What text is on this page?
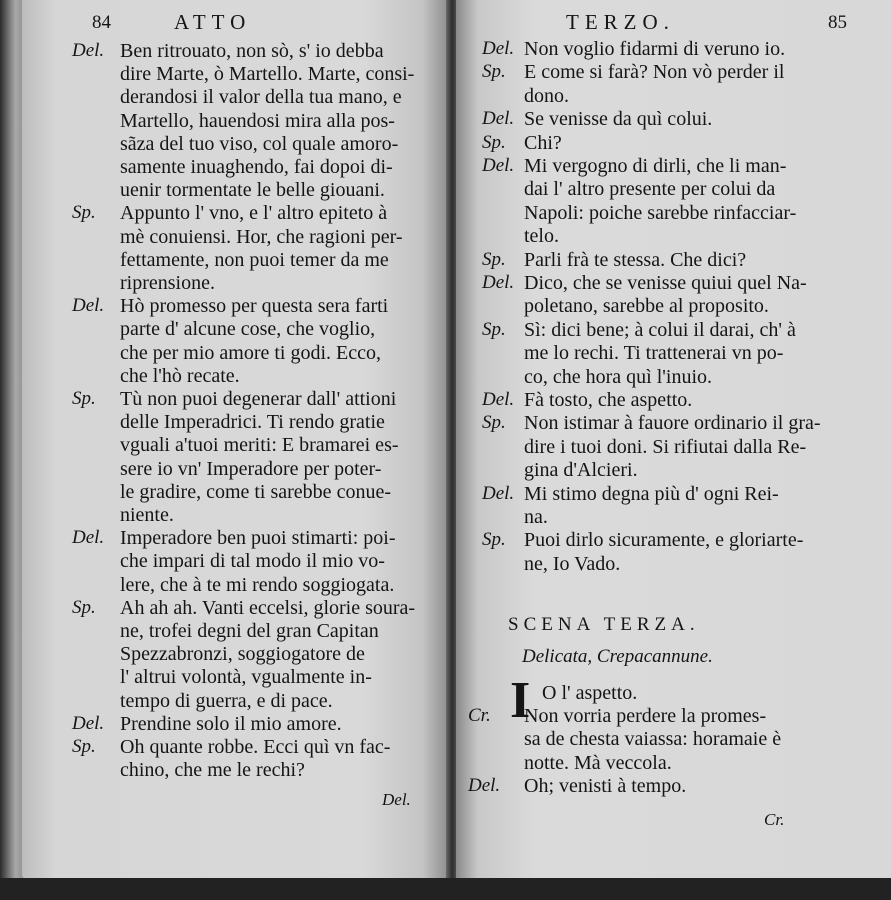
84	ATTO
Del. Ben ritrouato, non sò, s' io debba
dire Marte, ò Martello. Marte, consi-
derandosi il valor della tua mano, e
Martello, hauendosi mira alla pos-
sãza del tuo viso, col quale amoro-
samente inuaghendo, fai dopoi di-
uenir tormentate le belle giouani.
Sp. Appunto l' vno, e l' altro epiteto à
mè conuiensi. Hor, che ragioni per-
fettamente, non puoi temer da me
riprensione.
Del. Hò promesso per questa sera farti
parte d' alcune cose, che voglio,
che per mio amore ti godi. Ecco,
che l'hò recate.
Sp. Tù non puoi degenerar dall' attioni
delle Imperadrici. Ti rendo gratie
vguali a'tuoi meriti: E bramarei es-
sere io vn' Imperadore per poter-
le gradire, come ti sarebbe conue-
niente.
Del. Imperadore ben puoi stimarti: poi-
che impari di tal modo il mio vo-
lere, che à te mi rendo soggiogata.
Sp. Ah ah ah. Vanti eccelsi, glorie soura-
ne, trofei degni del gran Capitan
Spezzabronzi, soggiogatore de
l' altrui volontà, vgualmente in-
tempo di guerra, e di pace.
Del. Prendine solo il mio amore.
Sp. Oh quante robbe. Ecci quì vn fac-
chino, che me le rechi?
Del.
TERZO.	85
Del. Non voglio fidarmi di veruno io.
Sp. E come si farà? Non vò perder il
dono.
Del. Se venisse da quì colui.
Sp. Chi?
Del. Mi vergogno di dirli, che li man-
dai l' altro presente per colui da
Napoli: poiche sarebbe rinfacciar-
telo.
Sp. Parli frà te stessa. Che dici?
Del. Dico, che se venisse quiui quel Na-
poletano, sarebbe al proposito.
Sp. Sì: dici bene; à colui il darai, ch' à
me lo rechi. Ti trattenerai vn po-
co, che hora quì l'inuio.
Del. Fà tosto, che aspetto.
Sp. Non istimar à fauore ordinario il gra-
dire i tuoi doni. Si rifiutai dalla Re-
gina d'Alcieri.
Del. Mi stimo degna più d' ogni Rei-
na.
Sp. Puoi dirlo sicuramente, e gloriarte-
ne, Io Vado.
SCENA TERZA.
Delicata, Crepacannune.
I O l' aspetto.
Cr. Non vorria perdere la promes-
sa de chesta vaiassa: horamaie è
notte. Mà veccola.
Del. Oh; venisti à tempo.
Cr.
